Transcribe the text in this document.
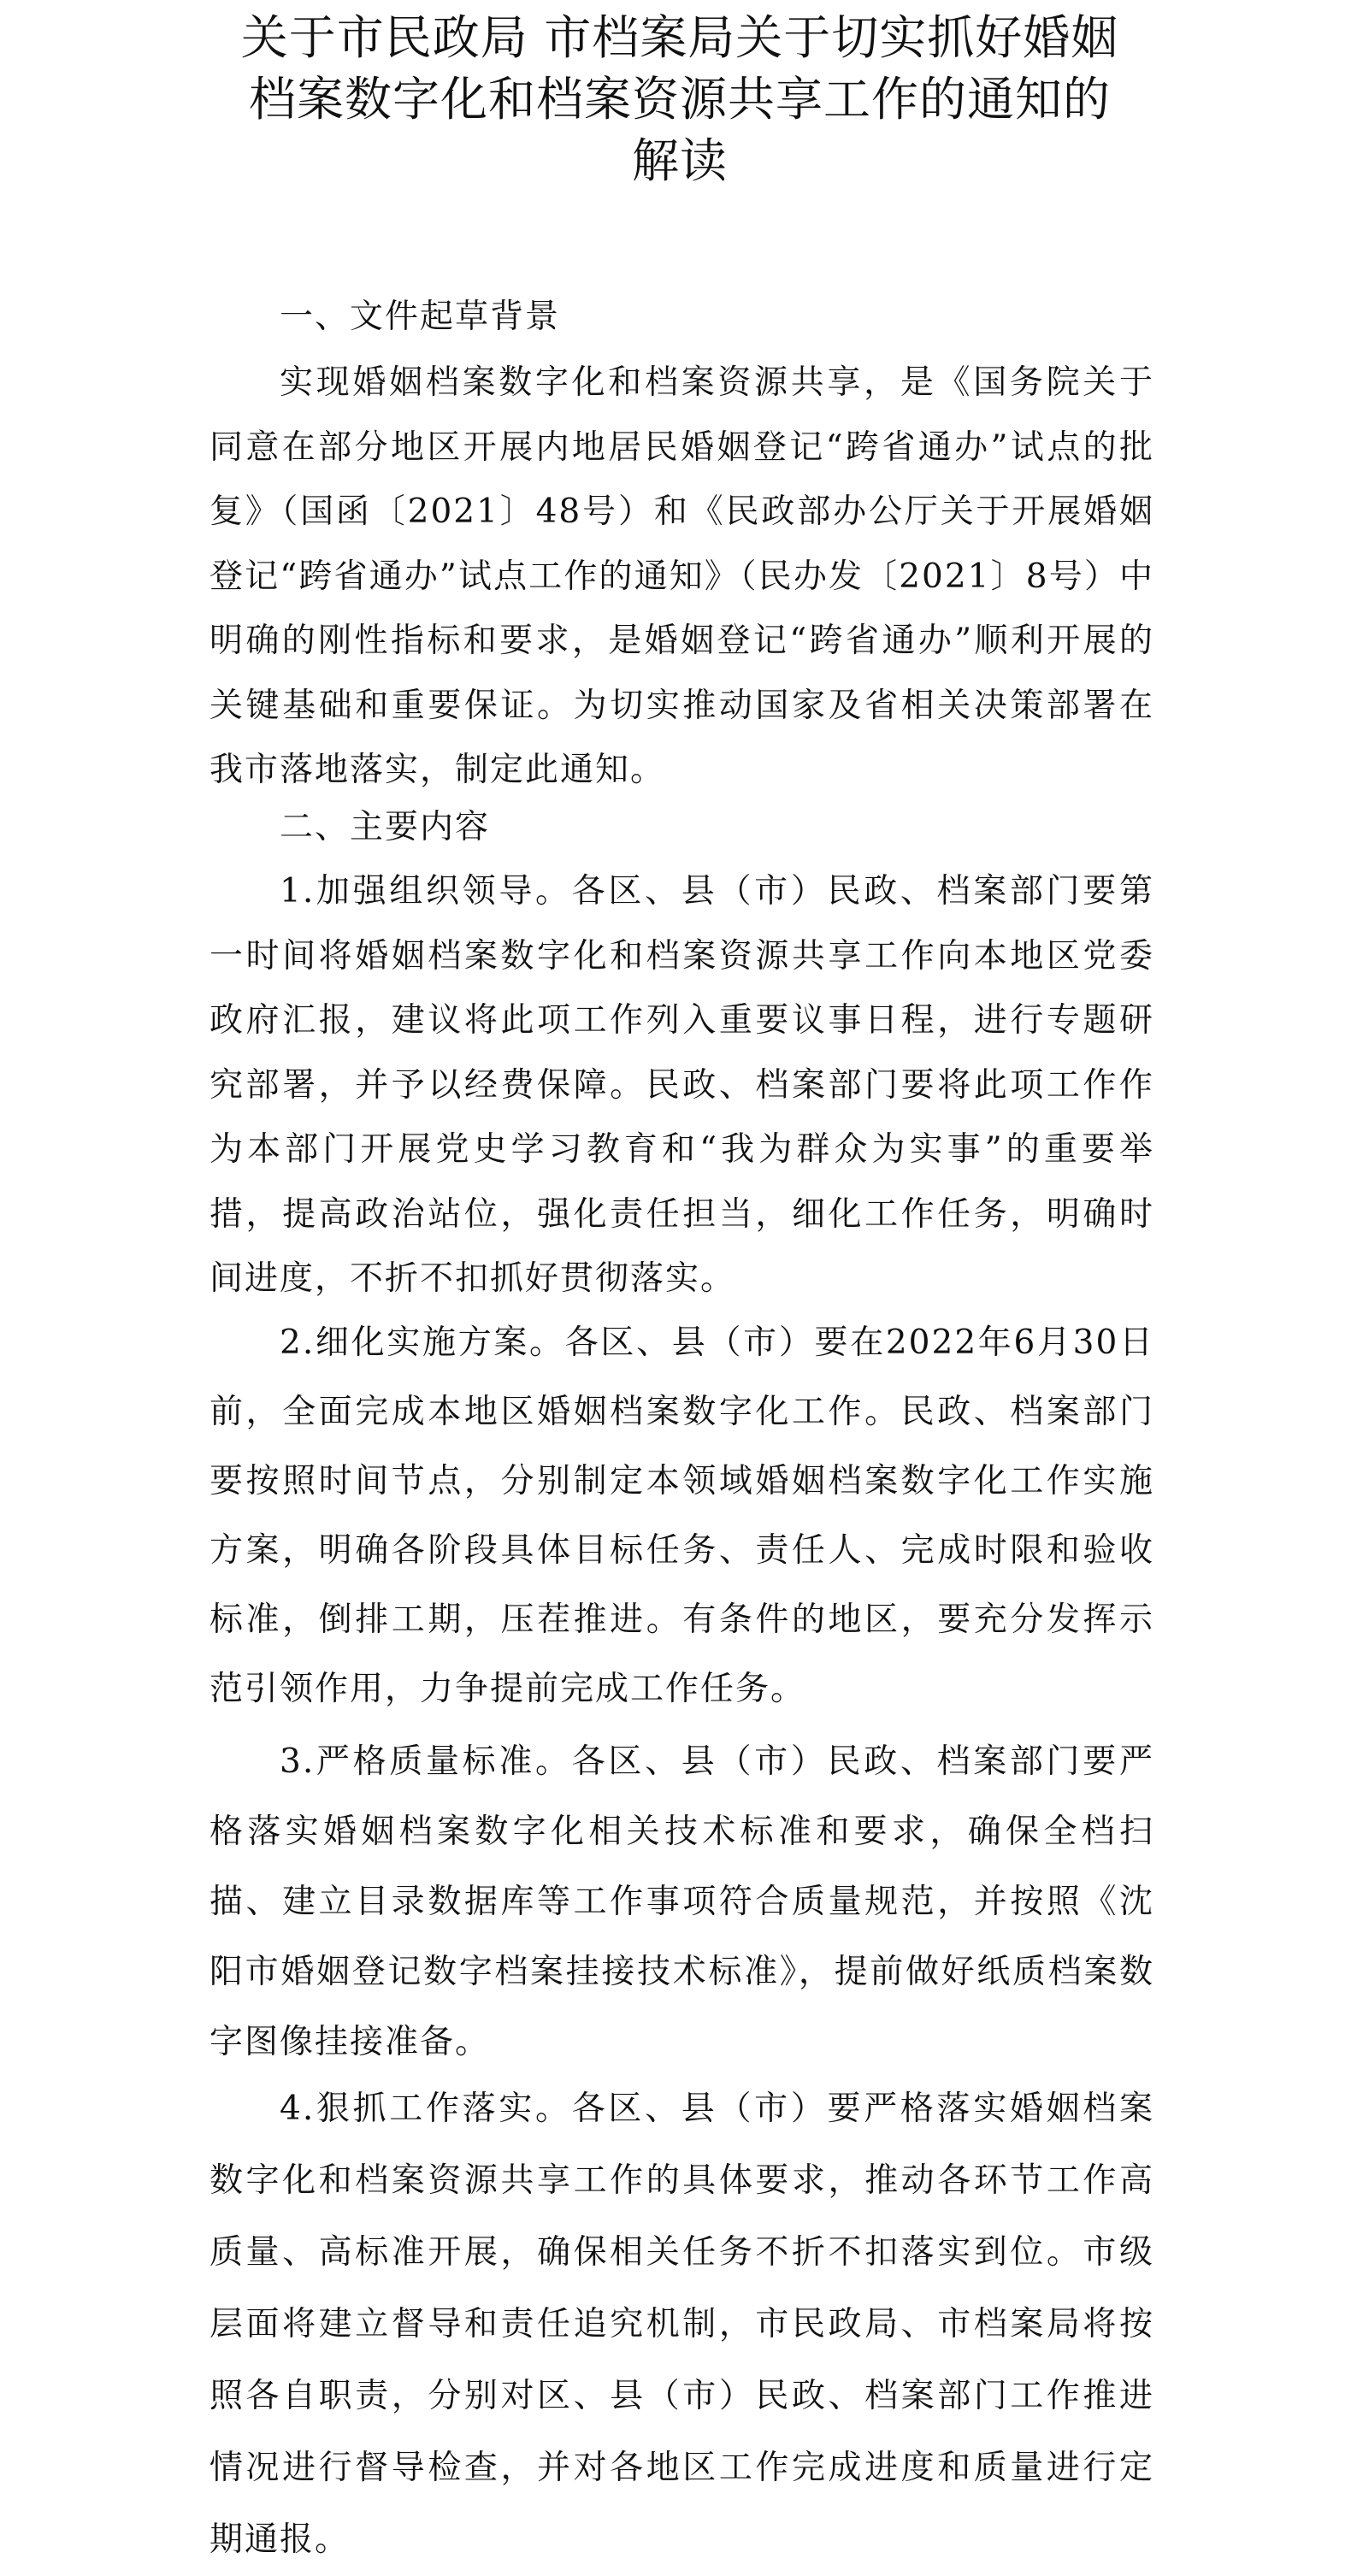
关于市民政局 市档案局关于切实抓好婚姻
档案数字化和档案资源共享工作的通知的
解读
一、文件起草背景

实现婚姻档案数字化和档案资源共享，是《国务院关于同意在部分地区开展内地居民婚姻登记“跨省通办”试点的批复》（国函〔2021〕48号）和《民政部办公厅关于开展婚姻登记“跨省通办”试点工作的通知》（民办发〔2021〕8号）中明确的刚性指标和要求，是婚姻登记“跨省通办”顺利开展的关键基础和重要保证。为切实推动国家及省相关决策部署在我市落地落实，制定此通知。

二、主要内容

1.加强组织领导。各区、县（市）民政、档案部门要第一时间将婚姻档案数字化和档案资源共享工作向本地区党委政府汇报，建议将此项工作列入重要议事日程，进行专题研究部署，并予以经费保障。民政、档案部门要将此项工作作为本部门开展党史学习教育和“我为群众为实事”的重要举措，提高政治站位，强化责任担当，细化工作任务，明确时间进度，不折不扣抓好贯彻落实。

2.细化实施方案。各区、县（市）要在2022年6月30日前，全面完成本地区婚姻档案数字化工作。民政、档案部门要按照时间节点，分别制定本领域婚姻档案数字化工作实施方案，明确各阶段具体目标任务、责任人、完成时限和验收标准，倒排工期，压茬推进。有条件的地区，要充分发挥示范引领作用，力争提前完成工作任务。

3.严格质量标准。各区、县（市）民政、档案部门要严格落实婚姻档案数字化相关技术标准和要求，确保全档扫描、建立目录数据库等工作事项符合质量规范，并按照《沈阳市婚姻登记数字档案挂接技术标准》，提前做好纸质档案数字图像挂接准备。

4.狠抓工作落实。各区、县（市）要严格落实婚姻档案数字化和档案资源共享工作的具体要求，推动各环节工作高质量、高标准开展，确保相关任务不折不扣落实到位。市级层面将建立督导和责任追究机制，市民政局、市档案局将按照各自职责，分别对区、县（市）民政、档案部门工作推进情况进行督导检查，并对各地区工作完成进度和质量进行定期通报。
